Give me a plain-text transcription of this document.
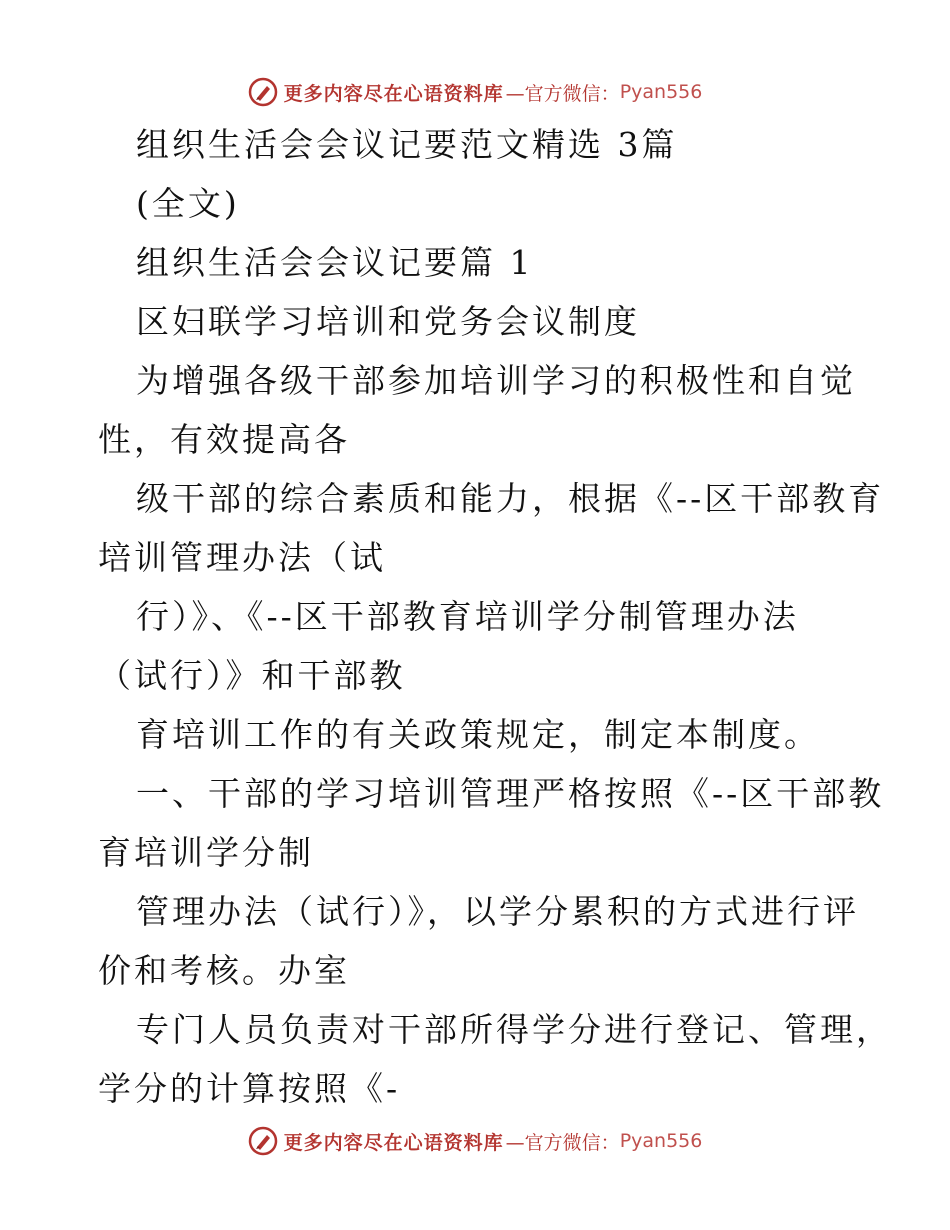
更多内容尽在心语资料库 —官方微信： Pyan556
组织生活会会议记要范文精选 3篇
(全文)
组织生活会会议记要篇 1
区妇联学习培训和党务会议制度
为增强各级干部参加培训学习的积极性和自觉
性，有效提高各
级干部的综合素质和能力，根据《--区干部教育
培训管理办法（试
行）》、《--区干部教育培训学分制管理办法
（试行）》和干部教
育培训工作的有关政策规定，制定本制度。
一、干部的学习培训管理严格按照《--区干部教
育培训学分制
管理办法（试行）》，以学分累积的方式进行评
价和考核。办室
专门人员负责对干部所得学分进行登记、管理，
学分的计算按照《-
更多内容尽在心语资料库 —官方微信： Pyan556
